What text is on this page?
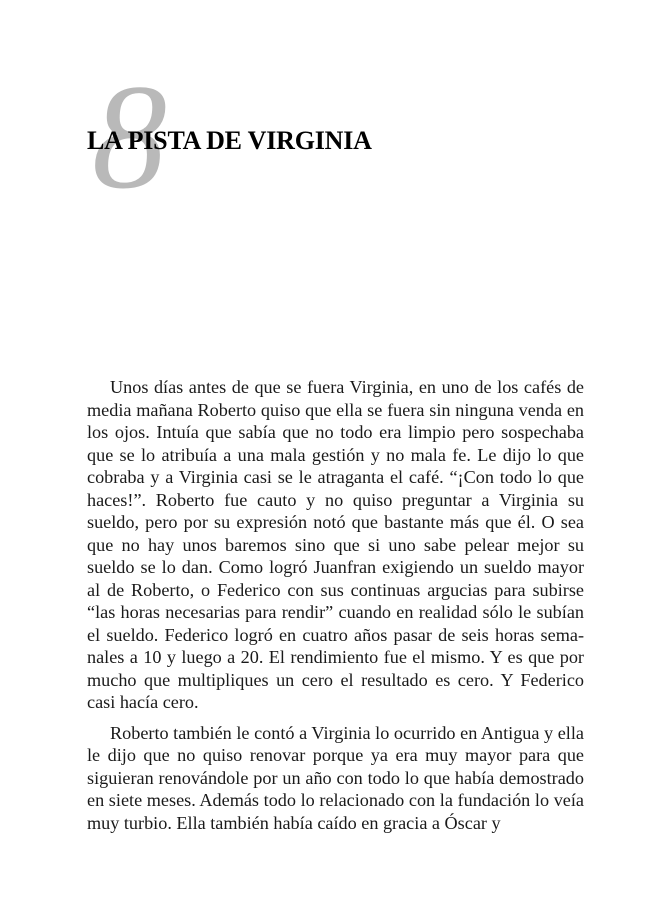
8
LA PISTA DE VIRGINIA

Unos días antes de que se fuera Virginia, en uno de los cafés de media mañana Roberto quiso que ella se fuera sin ninguna venda en los ojos. Intuía que sabía que no todo era limpio pero sospechaba que se lo atribuía a una mala gestión y no mala fe. Le dijo lo que cobraba y a Virginia casi se le atraganta el café. “¡Con todo lo que haces!”. Roberto fue cauto y no quiso preguntar a Virginia su sueldo, pero por su expresión notó que bastante más que él. O sea que no hay unos baremos sino que si uno sabe pelear mejor su sueldo se lo dan. Como logró Juanfran exigiendo un sueldo mayor al de Roberto, o Federico con sus continuas argucias para subirse “las horas necesarias para rendir” cuando en realidad sólo le subían el sueldo. Federico logró en cuatro años pasar de seis horas semanales a 10 y luego a 20. El rendimiento fue el mismo. Y es que por mucho que multipliques un cero el resultado es cero. Y Federico casi hacía cero.

Roberto también le contó a Virginia lo ocurrido en Antigua y ella le dijo que no quiso renovar porque ya era muy mayor para que siguieran renovándole por un año con todo lo que había demostrado en siete meses. Además todo lo relacionado con la fundación lo veía muy turbio. Ella también había caído en gracia a Óscar y
